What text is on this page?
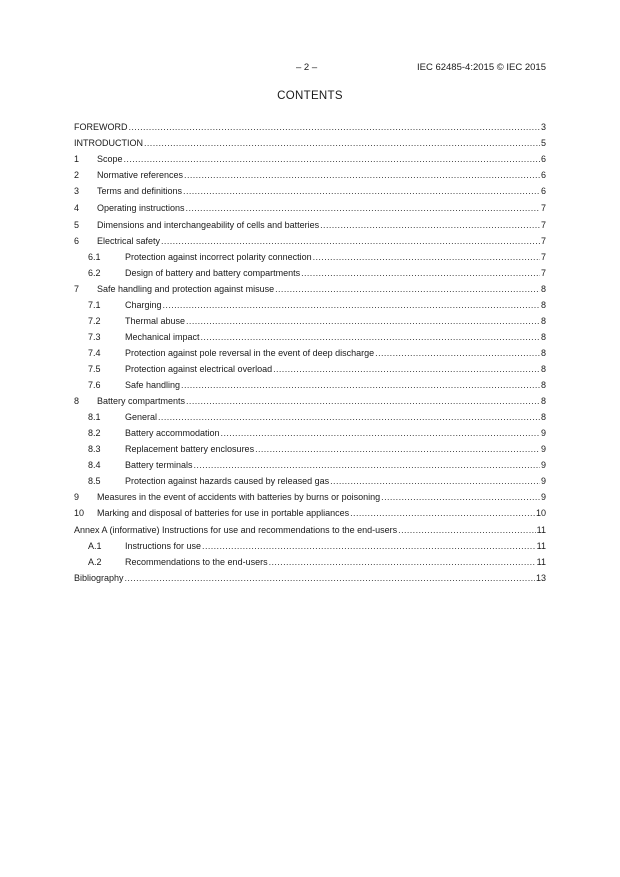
– 2 –	IEC 62485-4:2015 © IEC 2015
CONTENTS
FOREWORD .....	3
INTRODUCTION .....	5
1	Scope .....	6
2	Normative references .....	6
3	Terms and definitions .....	6
4	Operating instructions .....	7
5	Dimensions and interchangeability of cells and batteries .....	7
6	Electrical safety .....	7
6.1	Protection against incorrect polarity connection .....	7
6.2	Design of battery and battery compartments .....	7
7	Safe handling and protection against misuse .....	8
7.1	Charging .....	8
7.2	Thermal abuse .....	8
7.3	Mechanical impact .....	8
7.4	Protection against pole reversal in the event of deep discharge .....	8
7.5	Protection against electrical overload .....	8
7.6	Safe handling .....	8
8	Battery compartments .....	8
8.1	General .....	8
8.2	Battery accommodation .....	9
8.3	Replacement battery enclosures .....	9
8.4	Battery terminals .....	9
8.5	Protection against hazards caused by released gas .....	9
9	Measures in the event of accidents with batteries by burns or poisoning .....	9
10	Marking and disposal of batteries for use in portable appliances .....	10
Annex A (informative) Instructions for use and recommendations to the end-users .....	11
A.1	Instructions for use .....	11
A.2	Recommendations to the end-users .....	11
Bibliography .....	13
